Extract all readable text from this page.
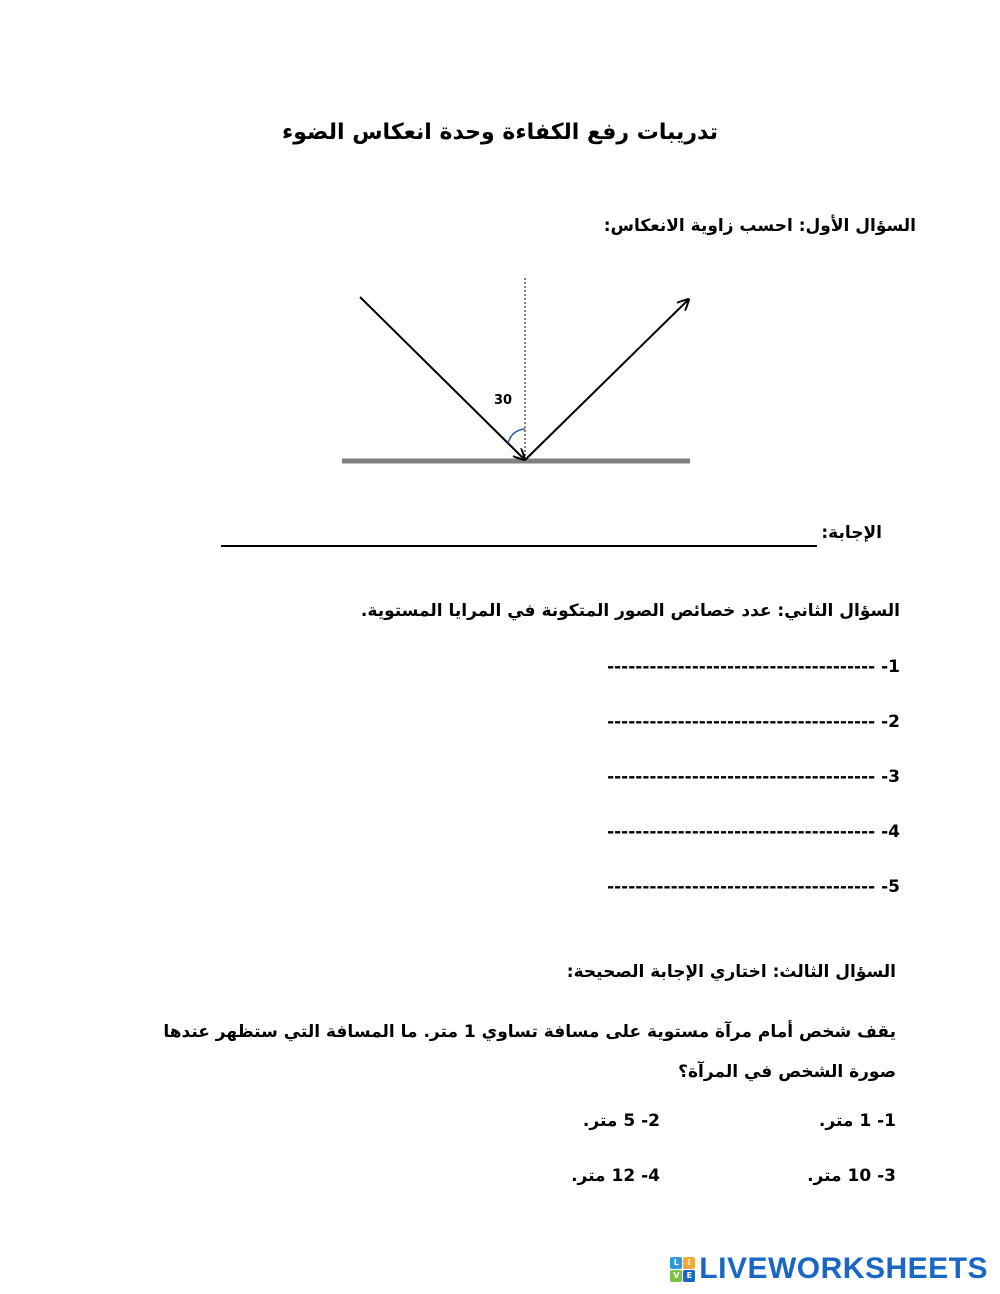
تدريبات رفع الكفاءة وحدة انعكاس الضوء
السؤال الأول: احسب زاوية الانعكاس:
30
الإجابة:
السؤال الثاني: عدد خصائص الصور المتكونة في المرايا المستوية.
-------------------------------------- -1
-------------------------------------- -2
-------------------------------------- -3
-------------------------------------- -4
-------------------------------------- -5
السؤال الثالث: اختاري الإجابة الصحيحة:
يقف شخص أمام مرآة مستوية على مسافة تساوي 1 متر. ما المسافة التي ستظهر عندها صورة الشخص في المرآة؟
1- 1 متر.
2- 5 متر.
3- 10 متر.
4- 12 متر.
L	I
V E LIVEWORKSHEETS
